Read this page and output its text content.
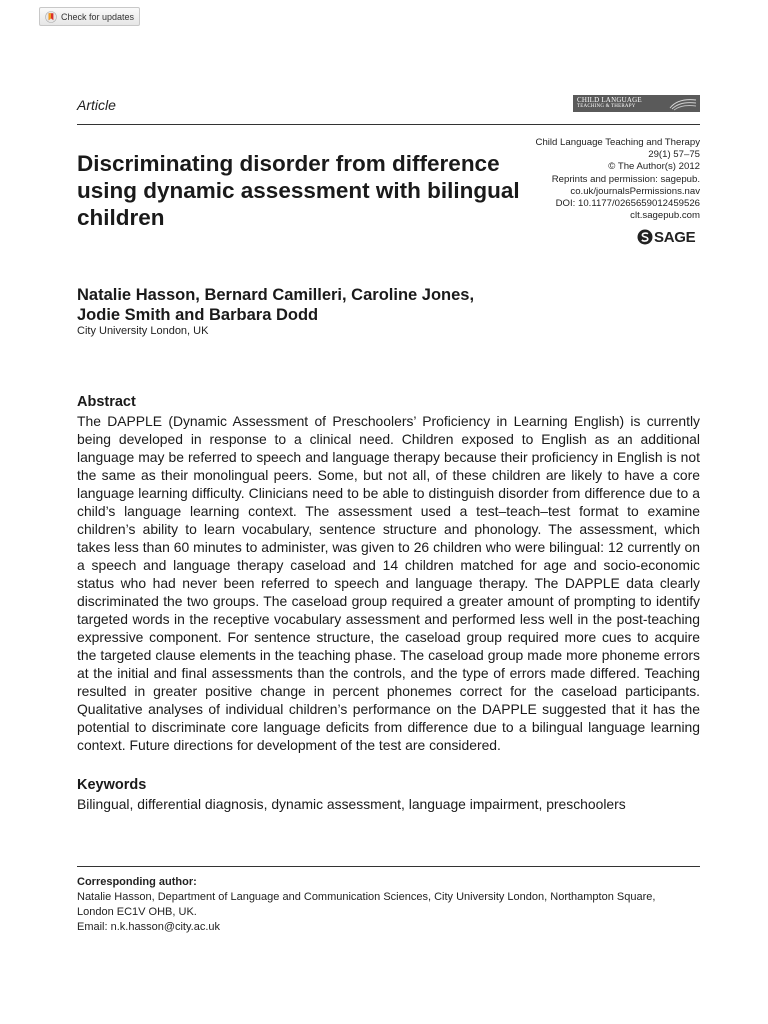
Check for updates
Article	CHILD LANGUAGE
TEACHING & THERAPY
Discriminating disorder from difference using dynamic assessment with bilingual children
Child Language Teaching and Therapy
29(1) 57–75
© The Author(s) 2012
Reprints and permission: sagepub.
co.uk/journalsPermissions.nav
DOI: 10.1177/0265659012459526
clt.sagepub.com
SAGE
Natalie Hasson, Bernard Camilleri, Caroline Jones, Jodie Smith and Barbara Dodd
City University London, UK
Abstract

The DAPPLE (Dynamic Assessment of Preschoolers’ Proficiency in Learning English) is currently being developed in response to a clinical need. Children exposed to English as an additional language may be referred to speech and language therapy because their proficiency in English is not the same as their monolingual peers. Some, but not all, of these children are likely to have a core language learning difficulty. Clinicians need to be able to distinguish disorder from difference due to a child’s language learning context. The assessment used a test–teach–test format to examine children’s ability to learn vocabulary, sentence structure and phonology. The assessment, which takes less than 60 minutes to administer, was given to 26 children who were bilingual: 12 currently on a speech and language therapy caseload and 14 children matched for age and socio-economic status who had never been referred to speech and language therapy. The DAPPLE data clearly discriminated the two groups. The caseload group required a greater amount of prompting to identify targeted words in the receptive vocabulary assessment and performed less well in the post-teaching expressive component. For sentence structure, the caseload group required more cues to acquire the targeted clause elements in the teaching phase. The caseload group made more phoneme errors at the initial and final assessments than the controls, and the type of errors made differed. Teaching resulted in greater positive change in percent phonemes correct for the caseload participants. Qualitative analyses of individual children’s performance on the DAPPLE suggested that it has the potential to discriminate core language deficits from difference due to a bilingual language learning context. Future directions for development of the test are considered.

Keywords

Bilingual, differential diagnosis, dynamic assessment, language impairment, preschoolers

Corresponding author:
Natalie Hasson, Department of Language and Communication Sciences, City University London, Northampton Square,
London EC1V OHB, UK.
Email: n.k.hasson@city.ac.uk
